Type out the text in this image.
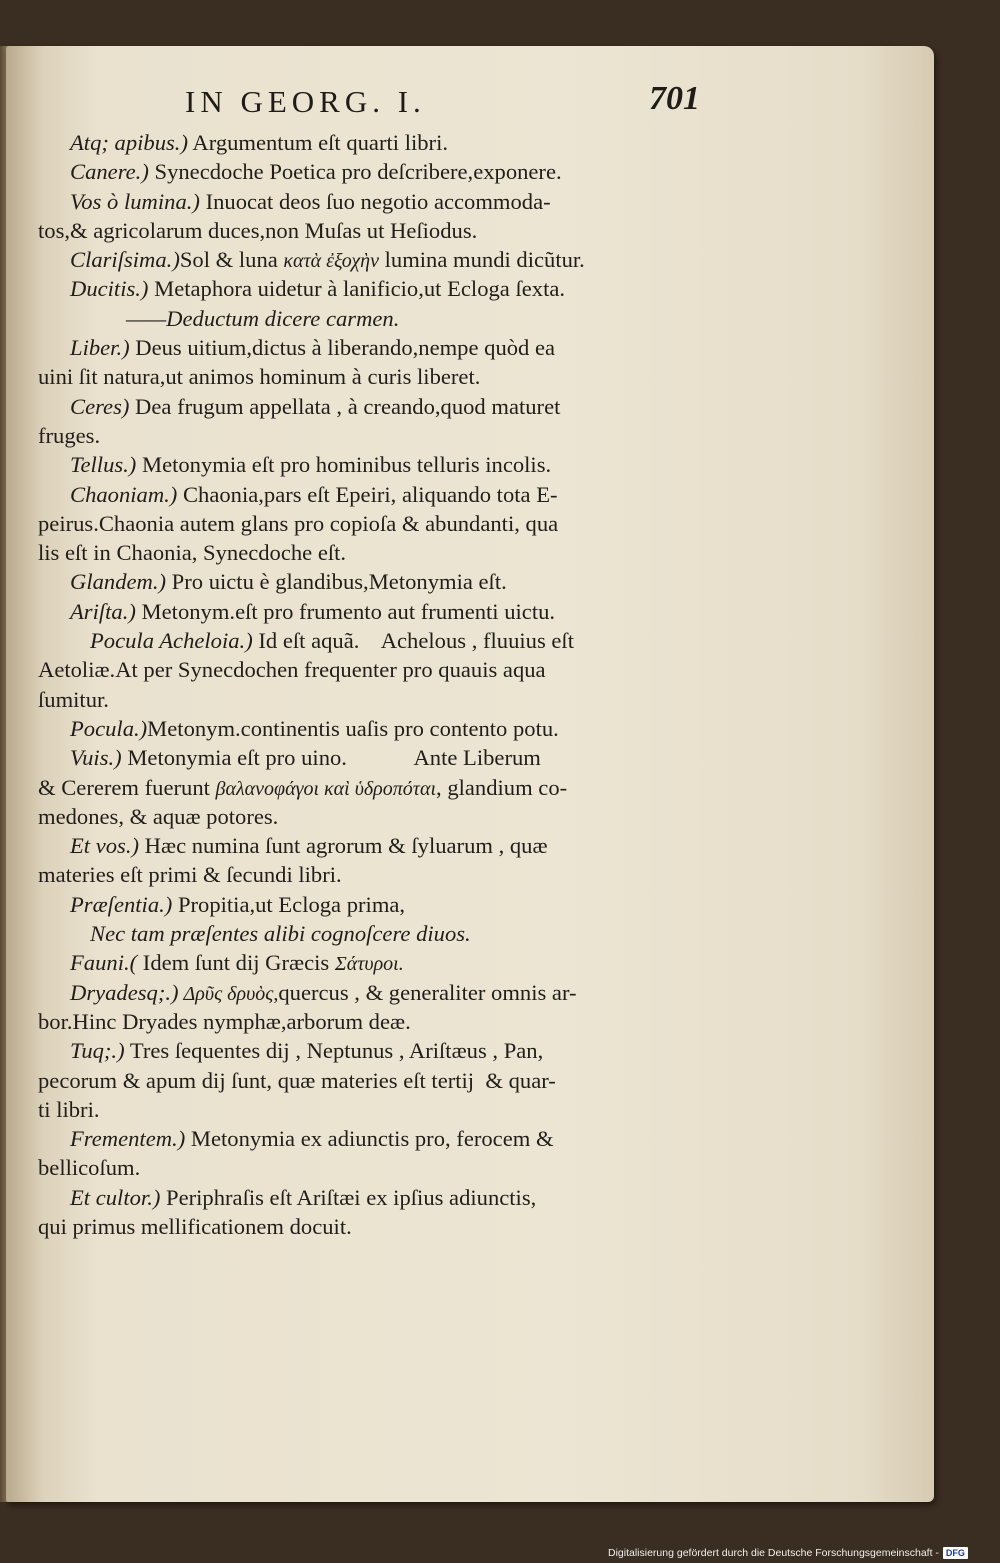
IN GEORG. I.	701
Atq; apibus.) Argumentum eſt quarti libri.
Canere.) Synecdoche Poetica pro deſcribere,exponere.
Vos ò lumina.) Inuocat deos ſuo negotio accommoda-
tos,& agricolarum duces,non Muſas ut Heſiodus.
Clariſsima.)Sol & luna κατὰ ἐξοχὴν lumina mundi dicũtur.
Ducitis.) Metaphora uidetur à lanificio,ut Ecloga ſexta.
——Deductum dicere carmen.
Liber.) Deus uitium,dictus à liberando,nempe quòd ea
uini ſit natura,ut animos hominum à curis liberet.
Ceres) Dea frugum appellata , à creando,quod maturet
fruges.
Tellus.) Metonymia eſt pro hominibus telluris incolis.
Chaoniam.) Chaonia,pars eſt Epeiri, aliquando tota E-
peirus.Chaonia autem glans pro copioſa & abundanti, qua
lis eſt in Chaonia, Synecdoche eſt.
Glandem.) Pro uictu è glandibus,Metonymia eſt.
Ariſta.) Metonym.eſt pro frumento aut frumenti uictu.
Pocula Acheloia.) Id eſt aquã.    Achelous , fluuius eſt
Aetoliæ.At per Synecdochen frequenter pro quauis aqua
ſumitur.
Pocula.)Metonym.continentis uaſis pro contento potu.
Vuis.) Metonymia eſt pro uino.            Ante Liberum
& Cererem fuerunt βαλανοφάγοι καὶ ὑδροπόται, glandium co-
medones, & aquæ potores.
Et vos.) Hæc numina ſunt agrorum & ſyluarum , quæ
materies eſt primi & ſecundi libri.
Præſentia.) Propitia,ut Ecloga prima,
Nec tam præſentes alibi cognoſcere diuos.
Fauni.( Idem ſunt dij Græcis Σάτυροι.
Dryadesq;.) Δρῦς δρυὸς,quercus , & generaliter omnis ar-
bor.Hinc Dryades nymphæ,arborum deæ.
Tuq;.) Tres ſequentes dij , Neptunus , Ariſtæus , Pan,
pecorum & apum dij ſunt, quæ materies eſt tertij  & quar-
ti libri.
Frementem.) Metonymia ex adiunctis pro, ferocem &
bellicoſum.
Et cultor.) Periphraſis eſt Ariſtæi ex ipſius adiunctis,
qui primus mellificationem docuit.
Digitalisierung gefördert durch die Deutsche Forschungsgemeinschaft - DFG
